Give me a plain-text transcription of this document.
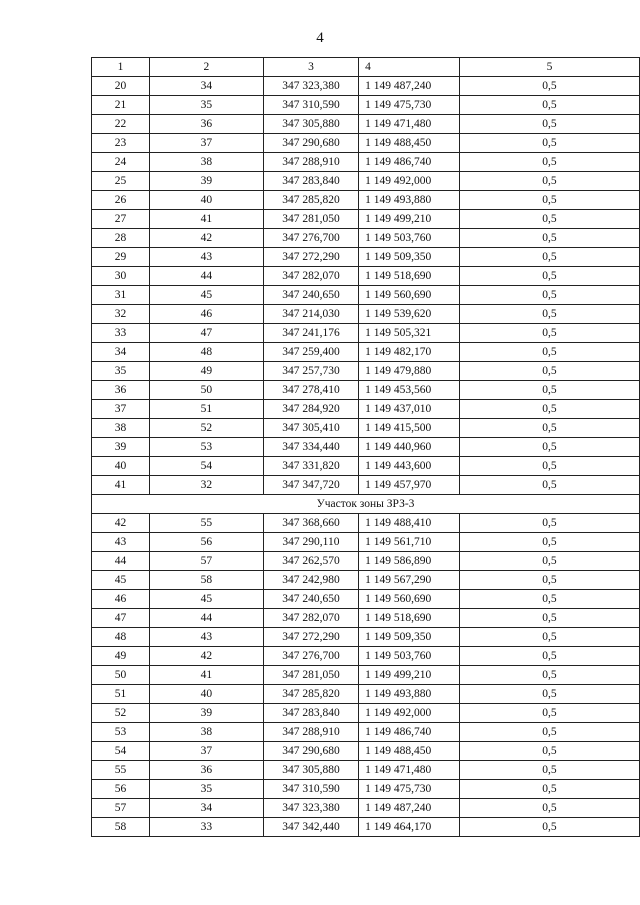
4
1	2	3	4	5
20	34	347 323,380	1 149 487,240	0,5
21	35	347 310,590	1 149 475,730	0,5
22	36	347 305,880	1 149 471,480	0,5
23	37	347 290,680	1 149 488,450	0,5
24	38	347 288,910	1 149 486,740	0,5
25	39	347 283,840	1 149 492,000	0,5
26	40	347 285,820	1 149 493,880	0,5
27	41	347 281,050	1 149 499,210	0,5
28	42	347 276,700	1 149 503,760	0,5
29	43	347 272,290	1 149 509,350	0,5
30	44	347 282,070	1 149 518,690	0,5
31	45	347 240,650	1 149 560,690	0,5
32	46	347 214,030	1 149 539,620	0,5
33	47	347 241,176	1 149 505,321	0,5
34	48	347 259,400	1 149 482,170	0,5
35	49	347 257,730	1 149 479,880	0,5
36	50	347 278,410	1 149 453,560	0,5
37	51	347 284,920	1 149 437,010	0,5
38	52	347 305,410	1 149 415,500	0,5
39	53	347 334,440	1 149 440,960	0,5
40	54	347 331,820	1 149 443,600	0,5
41	32	347 347,720	1 149 457,970	0,5
Участок зоны ЗРЗ-3				
42	55	347 368,660	1 149 488,410	0,5
43	56	347 290,110	1 149 561,710	0,5
44	57	347 262,570	1 149 586,890	0,5
45	58	347 242,980	1 149 567,290	0,5
46	45	347 240,650	1 149 560,690	0,5
47	44	347 282,070	1 149 518,690	0,5
48	43	347 272,290	1 149 509,350	0,5
49	42	347 276,700	1 149 503,760	0,5
50	41	347 281,050	1 149 499,210	0,5
51	40	347 285,820	1 149 493,880	0,5
52	39	347 283,840	1 149 492,000	0,5
53	38	347 288,910	1 149 486,740	0,5
54	37	347 290,680	1 149 488,450	0,5
55	36	347 305,880	1 149 471,480	0,5
56	35	347 310,590	1 149 475,730	0,5
57	34	347 323,380	1 149 487,240	0,5
58	33	347 342,440	1 149 464,170	0,5
